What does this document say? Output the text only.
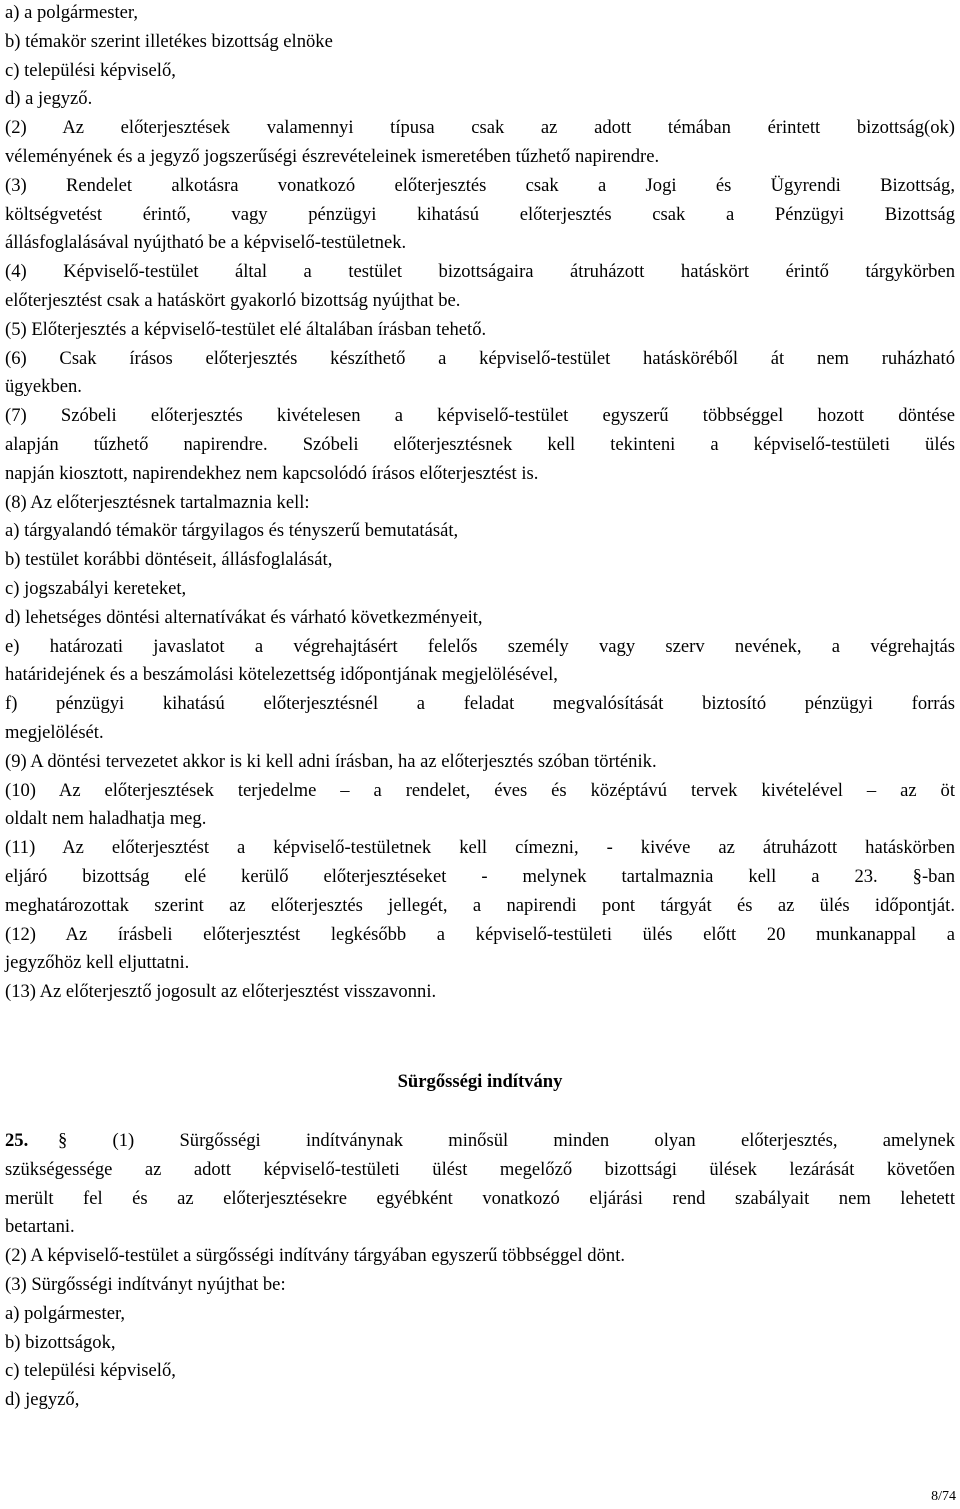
a) a polgármester,
b) témakör szerint illetékes bizottság elnöke
c) települési képviselő,
d) a jegyző.
(2) Az előterjesztések valamennyi típusa csak az adott témában érintett bizottság(ok)
véleményének és a jegyző jogszerűségi észrevételeinek ismeretében tűzhető napirendre.
(3) Rendelet alkotásra vonatkozó előterjesztés csak a Jogi és Ügyrendi Bizottság,
költségvetést érintő, vagy pénzügyi kihatású előterjesztés csak a Pénzügyi Bizottság
állásfoglalásával nyújtható be a képviselő-testületnek.
(4) Képviselő-testület által a testület bizottságaira átruházott hatáskört érintő tárgykörben
előterjesztést csak a hatáskört gyakorló bizottság nyújthat be.
(5) Előterjesztés a képviselő-testület elé általában írásban tehető.
(6) Csak írásos előterjesztés készíthető a képviselő-testület hatásköréből át nem ruházható
ügyekben.
(7) Szóbeli előterjesztés kivételesen a képviselő-testület egyszerű többséggel hozott döntése
alapján tűzhető napirendre. Szóbeli előterjesztésnek kell tekinteni a képviselő-testületi ülés
napján kiosztott, napirendekhez nem kapcsolódó írásos előterjesztést is.
(8) Az előterjesztésnek tartalmaznia kell:
a) tárgyalandó témakör tárgyilagos és tényszerű bemutatását,
b) testület korábbi döntéseit, állásfoglalását,
c) jogszabályi kereteket,
d) lehetséges döntési alternatívákat és várható következményeit,
e) határozati javaslatot a végrehajtásért felelős személy vagy szerv nevének, a végrehajtás
határidejének és a beszámolási kötelezettség időpontjának megjelölésével,
f) pénzügyi kihatású előterjesztésnél a feladat megvalósítását biztosító pénzügyi forrás
megjelölését.
(9) A döntési tervezetet akkor is ki kell adni írásban, ha az előterjesztés szóban történik.
(10) Az előterjesztések terjedelme – a rendelet, éves és középtávú tervek kivételével – az öt
oldalt nem haladhatja meg.
(11) Az előterjesztést a képviselő-testületnek kell címezni, - kivéve az átruházott hatáskörben
eljáró bizottság elé kerülő előterjesztéseket - melynek tartalmaznia kell a 23. §-ban
meghatározottak szerint az előterjesztés jellegét, a napirendi pont tárgyát és az ülés időpontját.
(12) Az írásbeli előterjesztést legkésőbb a képviselő-testületi ülés előtt 20 munkanappal a
jegyzőhöz kell eljuttatni.
(13) Az előterjesztő jogosult az előterjesztést visszavonni.
Sürgősségi indítvány
25. § (1) Sürgősségi indítványnak minősül minden olyan előterjesztés, amelynek
szükségessége az adott képviselő-testületi ülést megelőző bizottsági ülések lezárását követően
merült fel és az előterjesztésekre egyébként vonatkozó eljárási rend szabályait nem lehetett
betartani.
(2) A képviselő-testület a sürgősségi indítvány tárgyában egyszerű többséggel dönt.
(3) Sürgősségi indítványt nyújthat be:
a) polgármester,
b) bizottságok,
c) települési képviselő,
d) jegyző,
8/74
